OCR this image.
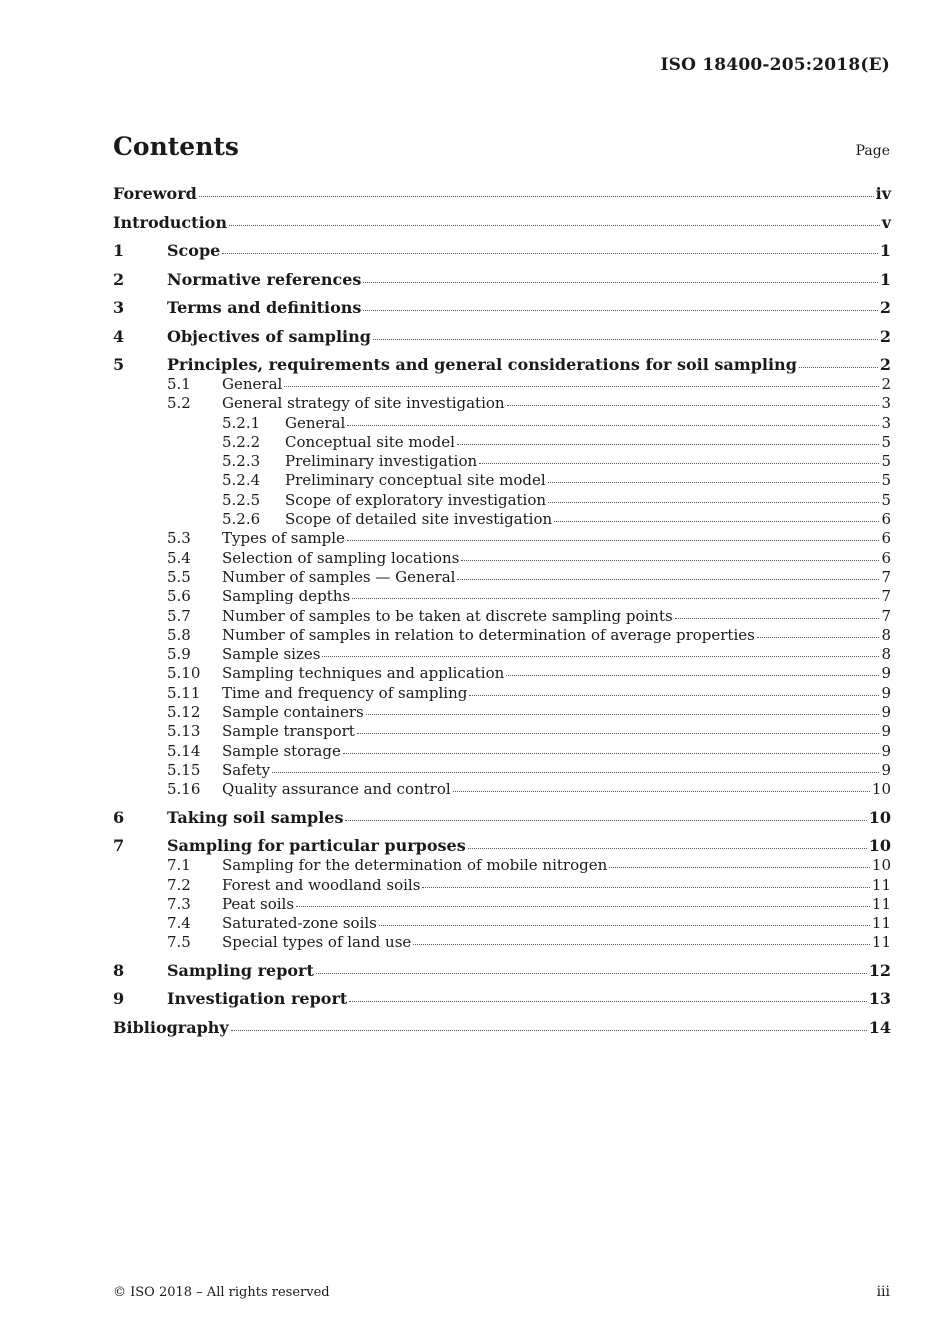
ISO 18400-205:2018(E)
Contents	Page
Foreword	iv
Introduction	v
1	Scope	1
2	Normative references	1
3	Terms and definitions	2
4	Objectives of sampling	2
5	Principles, requirements and general considerations for soil sampling	2
5.1	General	2
5.2	General strategy of site investigation	3
5.2.1	General	3
5.2.2	Conceptual site model	5
5.2.3	Preliminary investigation	5
5.2.4	Preliminary conceptual site model	5
5.2.5	Scope of exploratory investigation	5
5.2.6	Scope of detailed site investigation	6
5.3	Types of sample	6
5.4	Selection of sampling locations	6
5.5	Number of samples — General	7
5.6	Sampling depths	7
5.7	Number of samples to be taken at discrete sampling points	7
5.8	Number of samples in relation to determination of average properties	8
5.9	Sample sizes	8
5.10	Sampling techniques and application	9
5.11	Time and frequency of sampling	9
5.12	Sample containers	9
5.13	Sample transport	9
5.14	Sample storage	9
5.15	Safety	9
5.16	Quality assurance and control	10
6	Taking soil samples	10
7	Sampling for particular purposes	10
7.1	Sampling for the determination of mobile nitrogen	10
7.2	Forest and woodland soils	11
7.3	Peat soils	11
7.4	Saturated-zone soils	11
7.5	Special types of land use	11
8	Sampling report	12
9	Investigation report	13
Bibliography	14
© ISO 2018 – All rights reserved	iii
